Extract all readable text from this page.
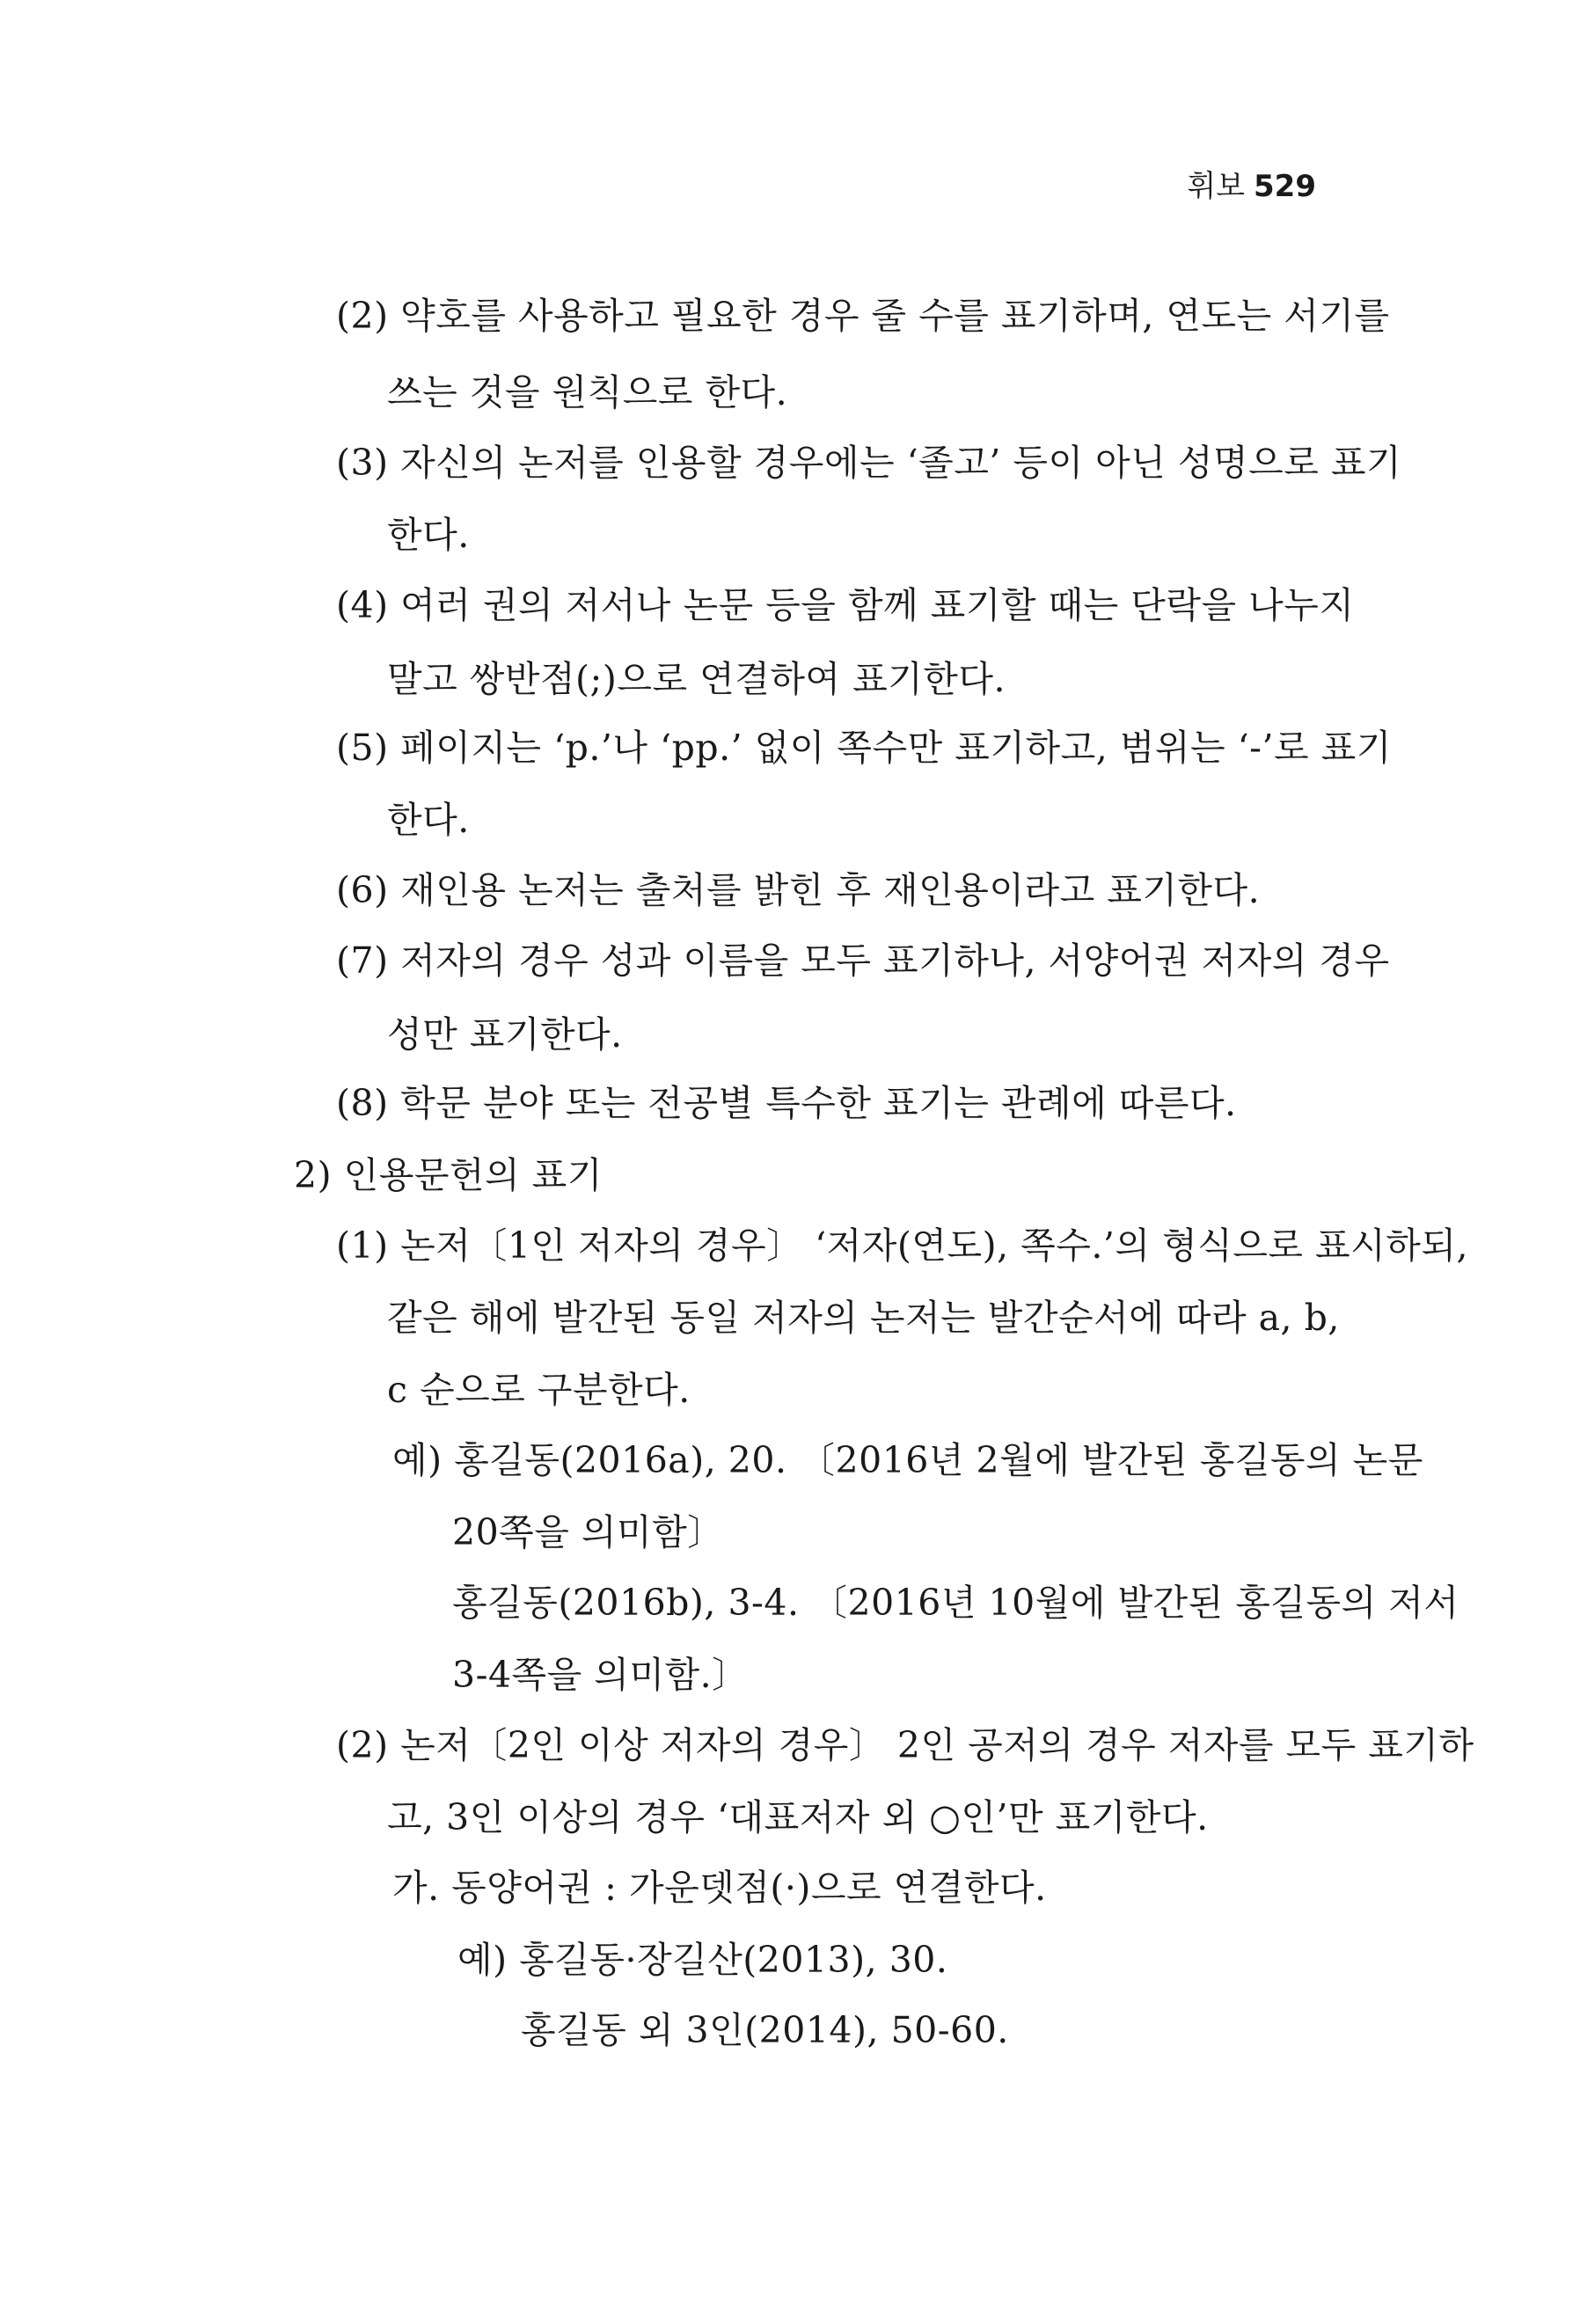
휘보 529
(2) 약호를 사용하고 필요한 경우 줄 수를 표기하며, 연도는 서기를
쓰는 것을 원칙으로 한다.
(3) 자신의 논저를 인용할 경우에는 ‘졸고’ 등이 아닌 성명으로 표기
한다.
(4) 여러 권의 저서나 논문 등을 함께 표기할 때는 단락을 나누지
말고 쌍반점(;)으로 연결하여 표기한다.
(5) 페이지는 ‘p.’나 ‘pp.’ 없이 쪽수만 표기하고, 범위는 ‘-’로 표기
한다.
(6) 재인용 논저는 출처를 밝힌 후 재인용이라고 표기한다.
(7) 저자의 경우 성과 이름을 모두 표기하나, 서양어권 저자의 경우
성만 표기한다.
(8) 학문 분야 또는 전공별 특수한 표기는 관례에 따른다.
2) 인용문헌의 표기
(1) 논저〔1인 저자의 경우〕 ‘저자(연도), 쪽수.’의 형식으로 표시하되,
같은 해에 발간된 동일 저자의 논저는 발간순서에 따라 a, b,
c 순으로 구분한다.
예) 홍길동(2016a), 20. 〔2016년 2월에 발간된 홍길동의 논문
20쪽을 의미함〕
홍길동(2016b), 3-4. 〔2016년 10월에 발간된 홍길동의 저서
3-4쪽을 의미함.〕
(2) 논저〔2인 이상 저자의 경우〕 2인 공저의 경우 저자를 모두 표기하
고, 3인 이상의 경우 ‘대표저자 외 ○인’만 표기한다.
가. 동양어권 : 가운뎃점(·)으로 연결한다.
예) 홍길동·장길산(2013), 30.
홍길동 외 3인(2014), 50-60.
